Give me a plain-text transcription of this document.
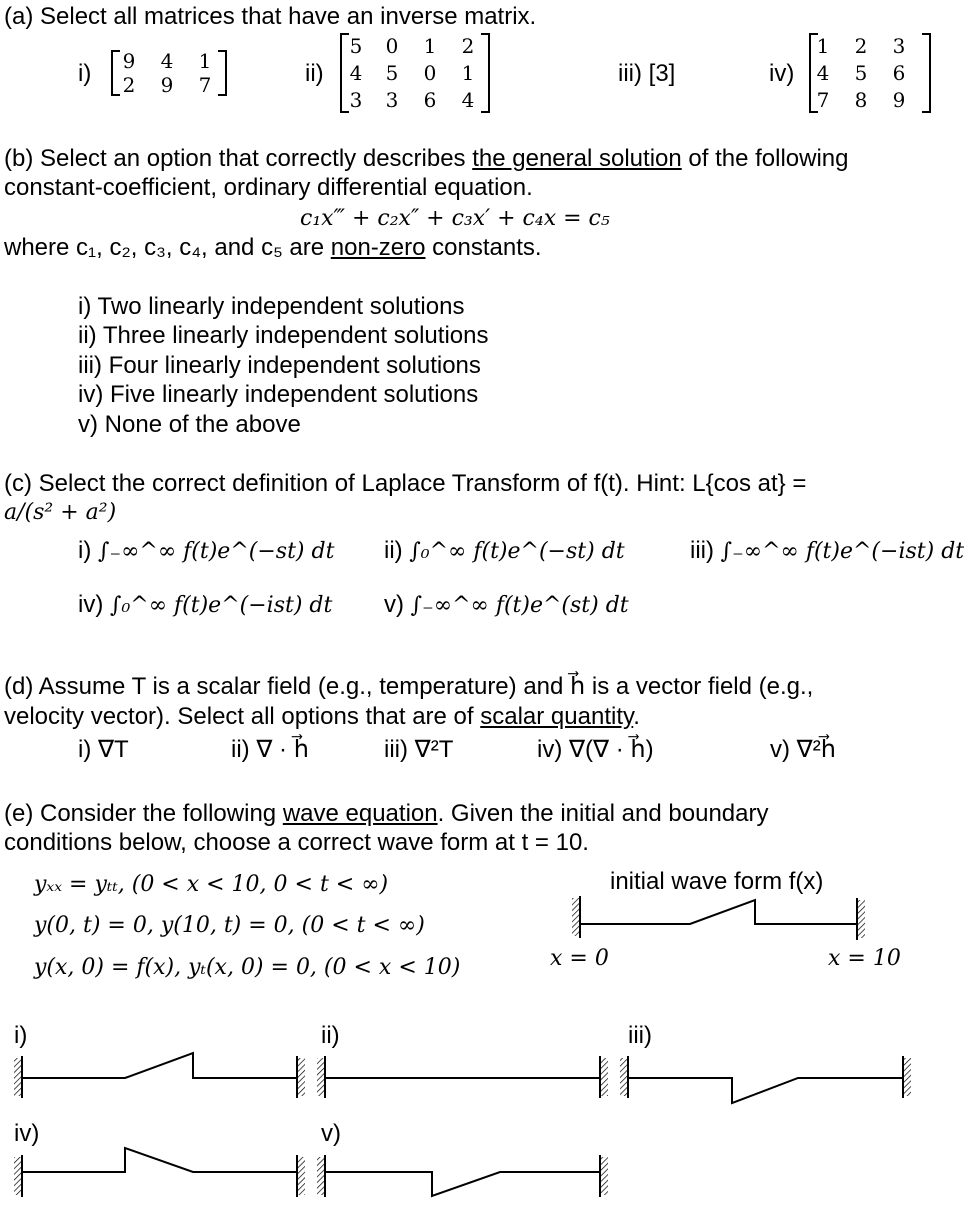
(a) Select all matrices that have an inverse matrix.
i) 9 4 1
2 9 7	ii)
5 0 1 2
4 5 0 1
3 3 6 4
iii) [3]	iv)
1 2 3
4 5 6
7 8 9
(b) Select an option that correctly describes the general solution of the following
constant-coefficient, ordinary differential equation.
c₁x‴ + c₂x″ + c₃x′ + c₄x = c₅
where c₁, c₂, c₃, c₄, and c₅ are non-zero constants.
i) Two linearly independent solutions
ii) Three linearly independent solutions
iii) Four linearly independent solutions
iv) Five linearly independent solutions
v) None of the above
(c) Select the correct definition of Laplace Transform of f(t). Hint: L{cos at} =
a/(s² + a²)
i) ∫₋∞^∞ f(t)e^(−st) dt ii) ∫₀^∞ f(t)e^(−st) dt	iii) ∫₋∞^∞ f(t)e^(−ist) dt
iv) ∫₀^∞ f(t)e^(−ist) dt v) ∫₋∞^∞ f(t)e^(st) dt
(d) Assume T is a scalar field (e.g., temperature) and h⃗ is a vector field (e.g.,
velocity vector). Select all options that are of scalar quantity.
i) ∇T	ii) ∇ · h⃗	iii) ∇²T	iv) ∇(∇ · h⃗)	v) ∇²h⃗
(e) Consider the following wave equation. Given the initial and boundary
conditions below, choose a correct wave form at t = 10.
yₓₓ = yₜₜ, (0 < x < 10, 0 < t < ∞)
y(0, t) = 0, y(10, t) = 0, (0 < t < ∞)
y(x, 0) = f(x), yₜ(x, 0) = 0, (0 < x < 10)
initial wave form f(x)
x = 0	x = 10
i)	ii)	iii)
iv)	v)
